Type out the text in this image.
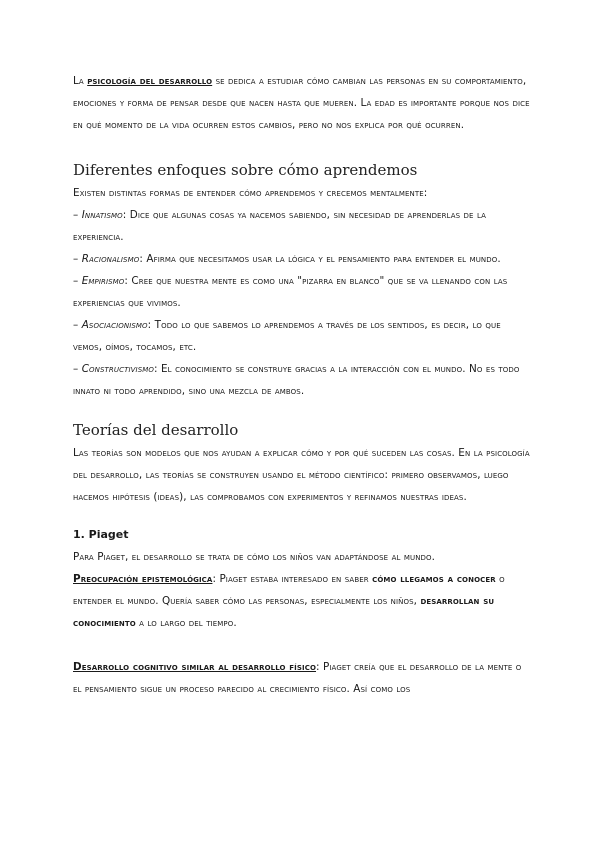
La psicología del desarrollo se dedica a estudiar cómo cambian las personas en su comportamiento, emociones y forma de pensar desde que nacen hasta que mueren. La edad es importante porque nos dice en qué momento de la vida ocurren estos cambios, pero no nos explica por qué ocurren.

Diferentes enfoques sobre cómo aprendemos

Existen distintas formas de entender cómo aprendemos y crecemos mentalmente:

– Innatismo: Dice que algunas cosas ya nacemos sabiendo, sin necesidad de aprenderlas de la experiencia.

– Racionalismo: Afirma que necesitamos usar la lógica y el pensamiento para entender el mundo.

– Empirismo: Cree que nuestra mente es como una "pizarra en blanco" que se va llenando con las experiencias que vivimos.

– Asociacionismo: Todo lo que sabemos lo aprendemos a través de los sentidos, es decir, lo que vemos, oímos, tocamos, etc.

– Constructivismo: El conocimiento se construye gracias a la interacción con el mundo. No es todo innato ni todo aprendido, sino una mezcla de ambos.

Teorías del desarrollo

Las teorías son modelos que nos ayudan a explicar cómo y por qué suceden las cosas. En la psicología del desarrollo, las teorías se construyen usando el método científico: primero observamos, luego hacemos hipótesis (ideas), las comprobamos con experimentos y refinamos nuestras ideas.

1. Piaget

Para Piaget, el desarrollo se trata de cómo los niños van adaptándose al mundo.

Preocupación epistemológica: Piaget estaba interesado en saber cómo llegamos a conocer o entender el mundo. Quería saber cómo las personas, especialmente los niños, desarrollan su conocimiento a lo largo del tiempo.

Desarrollo cognitivo similar al desarrollo físico: Piaget creía que el desarrollo de la mente o el pensamiento sigue un proceso parecido al crecimiento físico. Así como los
